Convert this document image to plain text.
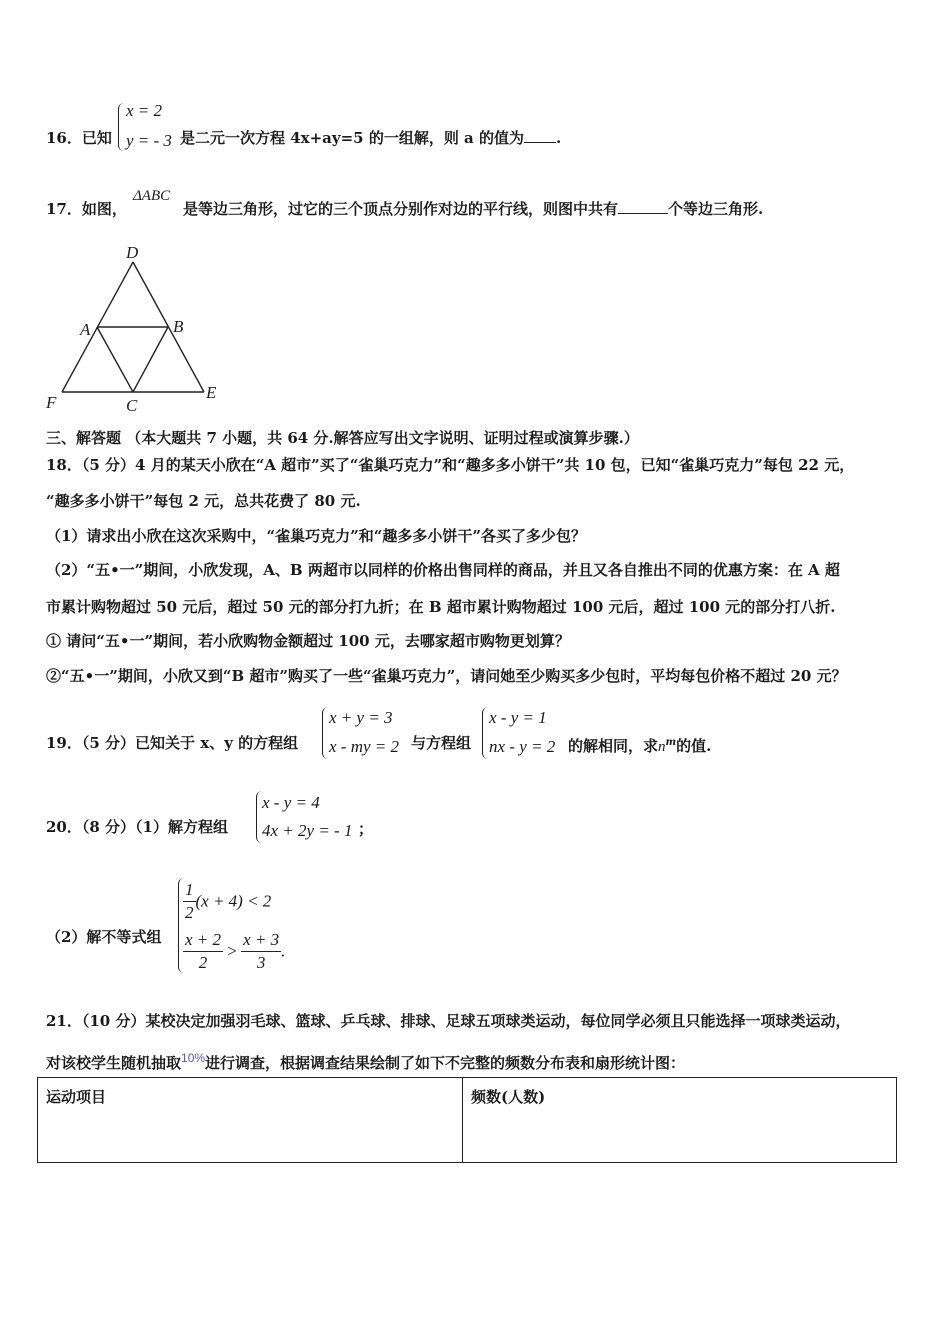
16．已知
x = 2
y = - 3 是二元一次方程 4x+ay=5 的一组解，则 a 的值为 .
17．如图，
ΔABC
是等边三角形，过它的三个顶点分别作对边的平行线，则图中共有	个等边三角形.
D
A	B
F	C
E
三、解答题 （本大题共 7 小题，共 64 分.解答应写出文字说明、证明过程或演算步骤.）
18．（5 分）4 月的某天小欣在“A 超市”买了“雀巢巧克力”和“趣多多小饼干”共 10 包，已知“雀巢巧克力”每包 22 元，
“趣多多小饼干”每包 2 元，总共花费了 80 元.
（1）请求出小欣在这次采购中，“雀巢巧克力”和“趣多多小饼干”各买了多少包？
（2）“五•一”期间，小欣发现，A、B 两超市以同样的价格出售同样的商品，并且又各自推出不同的优惠方案：在 A 超
市累计购物超过 50 元后，超过 50 元的部分打九折；在 B 超市累计购物超过 100 元后，超过 100 元的部分打八折.
① 请问“五•一”期间，若小欣购物金额超过 100 元，去哪家超市购物更划算？
②“五•一”期间，小欣又到“B 超市”购买了一些“雀巢巧克力”，请问她至少购买多少包时，平均每包价格不超过 20 元？
19．（5 分）已知关于 x、y 的方程组
x + y = 3
x - my = 2 与方程组
x - y = 1
nx - y = 2 的解相同，求$n^m$的值.
20．（8 分）（1）解方程组
x - y = 4
4x + 2y = - 1 ；
（2）解不等式组
$\frac{1}{2} (x + 4) < 2$
$\frac{x + 2}{2} > \frac{x + 3}{3}$ .
21．（10 分）某校决定加强羽毛球、篮球、乒乓球、排球、足球五项球类运动，每位同学必须且只能选择一项球类运动，
对该校学生随机抽取$^{10\%}$进行调查，根据调查结果绘制了如下不完整的频数分布表和扇形统计图：
运动项目	频数(人数)
